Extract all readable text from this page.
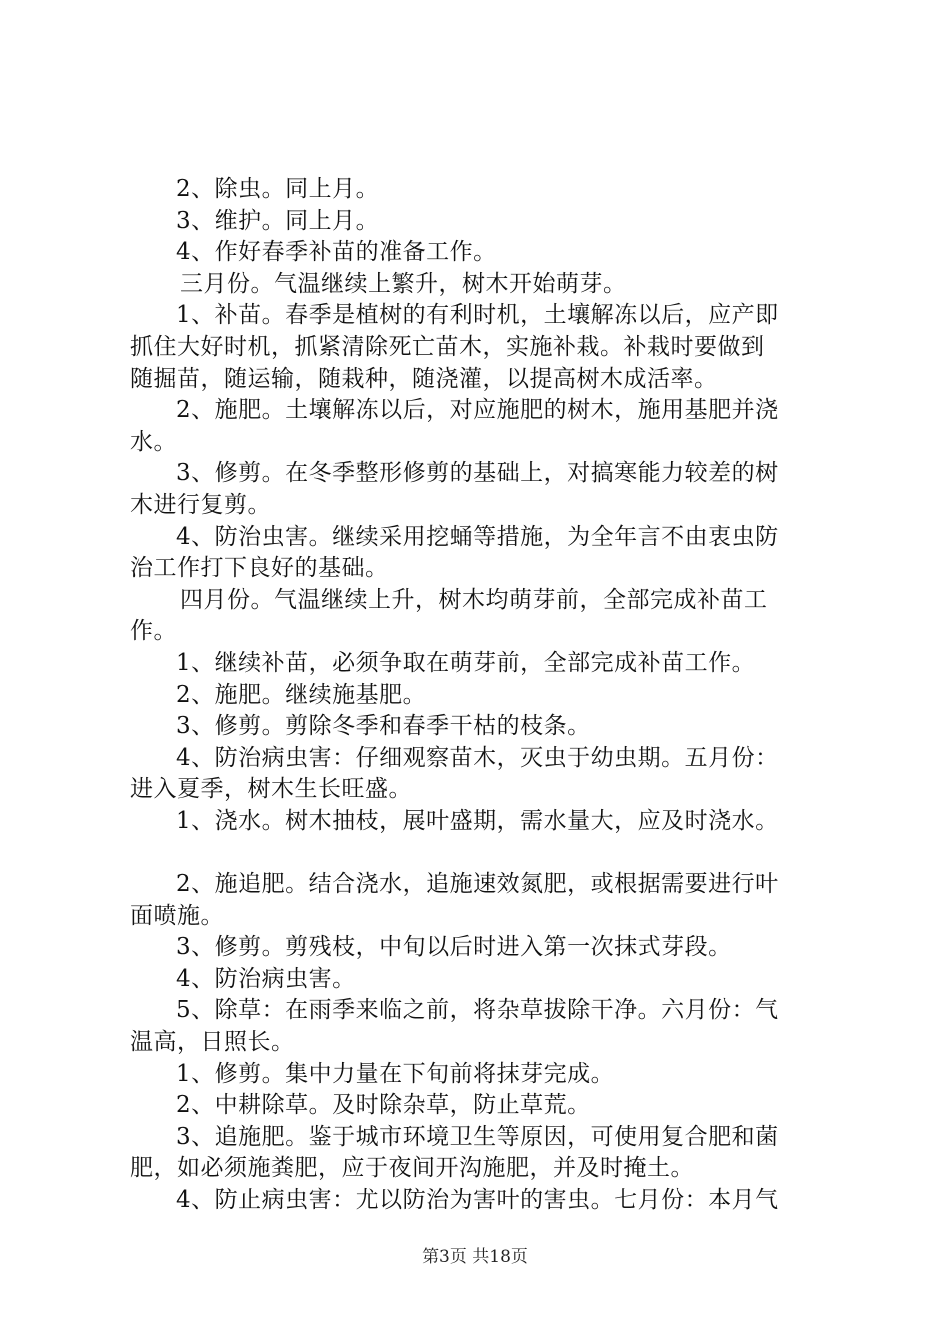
2、除虫。同上月。
3、维护。同上月。
4、作好春季补苗的准备工作。
三月份。气温继续上繁升，树木开始萌芽。
1、补苗。春季是植树的有利时机，土壤解冻以后，应产即
抓住大好时机，抓紧清除死亡苗木，实施补栽。补栽时要做到
随掘苗，随运输，随栽种，随浇灌，以提高树木成活率。
2、施肥。土壤解冻以后，对应施肥的树木，施用基肥并浇
水。
3、修剪。在冬季整形修剪的基础上，对搞寒能力较差的树
木进行复剪。
4、防治虫害。继续采用挖蛹等措施，为全年言不由衷虫防
治工作打下良好的基础。
四月份。气温继续上升，树木均萌芽前，全部完成补苗工
作。
1、继续补苗，必须争取在萌芽前，全部完成补苗工作。
2、施肥。继续施基肥。
3、修剪。剪除冬季和春季干枯的枝条。
4、防治病虫害：仔细观察苗木，灭虫于幼虫期。五月份：
进入夏季，树木生长旺盛。
1、浇水。树木抽枝，展叶盛期，需水量大，应及时浇水。
2、施追肥。结合浇水，追施速效氮肥，或根据需要进行叶
面喷施。
3、修剪。剪残枝，中旬以后时进入第一次抹式芽段。
4、防治病虫害。
5、除草：在雨季来临之前，将杂草拔除干净。六月份：气
温高，日照长。
1、修剪。集中力量在下旬前将抹芽完成。
2、中耕除草。及时除杂草，防止草荒。
3、追施肥。鉴于城市环境卫生等原因，可使用复合肥和菌
肥，如必须施粪肥，应于夜间开沟施肥，并及时掩土。
4、防止病虫害：尤以防治为害叶的害虫。七月份：本月气
第3页 共18页
